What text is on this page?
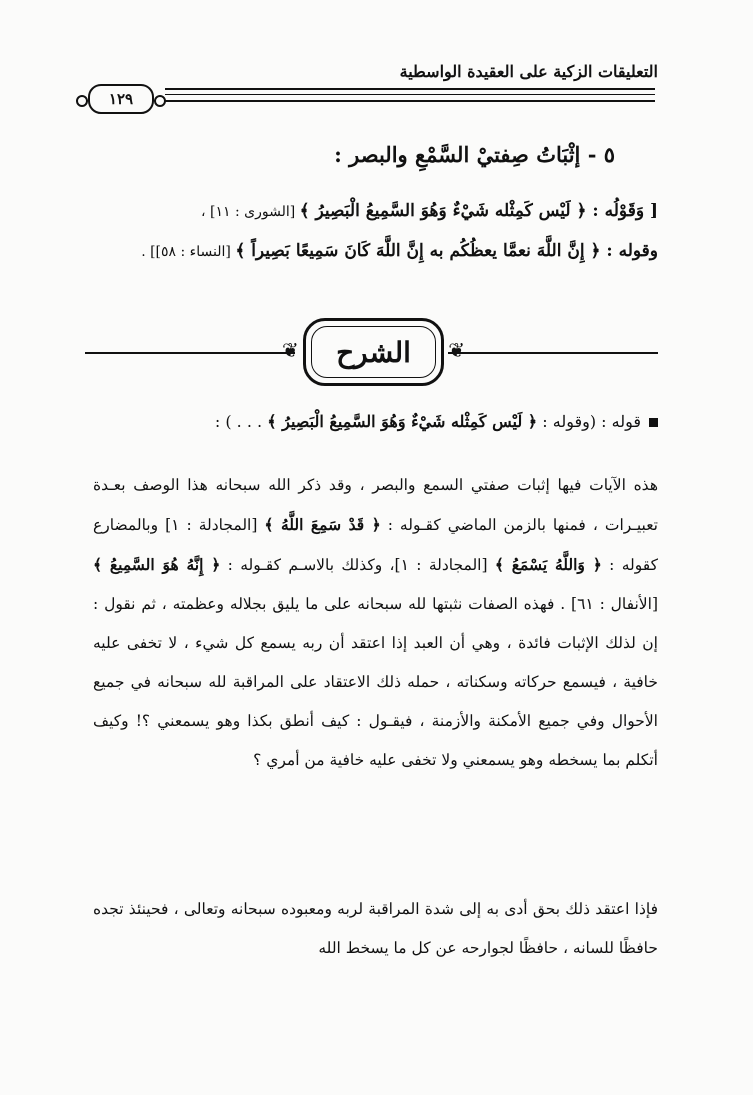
التعليقات الزكية على العقيدة الواسطية
١٢٩
٥ - إثْبَاتُ صِفتيْ السَّمْعِ والبصر :
[ وَقَوْلُه : ﴿ لَيْس كَمِثْله شَيْءٌ وَهُوَ السَّمِيعُ الْبَصِيرُ ﴾ [الشورى : ١١] ،
وقوله : ﴿ إِنَّ اللَّهَ نعمَّا يعظُكُم به إِنَّ اللَّهَ كَانَ سَمِيعًا بَصِيراً ﴾ [النساء : ٥٨]] .
❦
الشرح
❦
قوله : (وقوله : ﴿ لَيْس كَمِثْله شَيْءٌ وَهُوَ السَّمِيعُ الْبَصِيرُ ﴾ . . . ) :
هذه الآيات فيها إثبات صفتي السمع والبصر ، وقد ذكر الله سبحانه هذا الوصف بعـدة تعبيـرات ، فمنها بالزمن الماضي كقـوله : ﴿ قَدْ سَمِعَ اللَّهُ ﴾ [المجادلة : ١] وبالمضارع كقوله : ﴿ وَاللَّهُ يَسْمَعُ ﴾ [المجادلة : ١]، وكذلك بالاسـم كقـوله : ﴿ إِنَّهُ هُوَ السَّمِيعُ ﴾ [الأنفال : ٦١] . فهذه الصفات نثبتها لله سبحانه على ما يليق بجلاله وعظمته ، ثم نقول : إن لذلك الإثبات فائدة ، وهي أن العبد إذا اعتقد أن ربه يسمع كل شيء ، لا تخفى عليه خافية ، فيسمع حركاته وسكناته ، حمله ذلك الاعتقاد على المراقبة لله سبحانه في جميع الأحوال وفي جميع الأمكنة والأزمنة ، فيقـول : كيف أنطق بكذا وهو يسمعني ؟! وكيف أتكلم بما يسخطه وهو يسمعني ولا تخفى عليه خافية من أمري ؟
فإذا اعتقد ذلك بحق أدى به إلى شدة المراقبة لربه ومعبوده سبحانه وتعالى ، فحينئذ تجده حافظًا للسانه ، حافظًا لجوارحه عن كل ما يسخط الله
